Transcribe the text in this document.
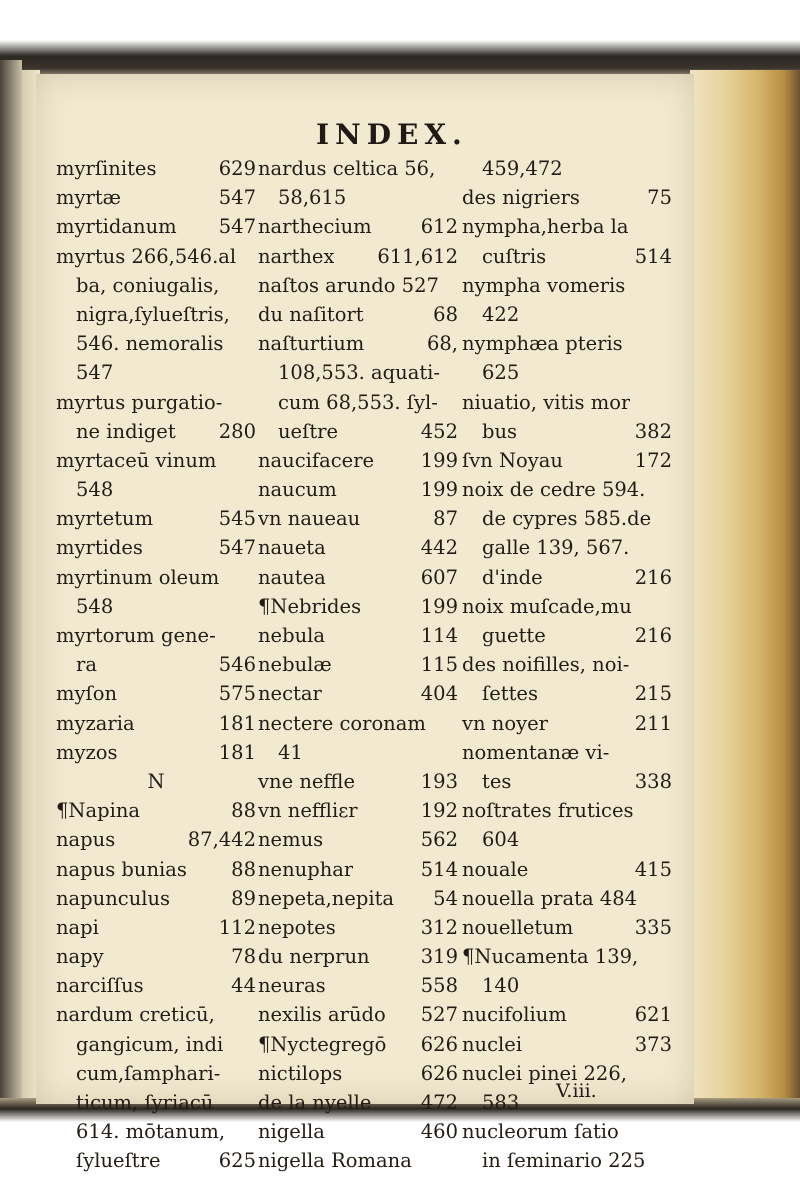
INDEX.
myrſinites	629
myrtæ	547
myrtidanum	547
myrtus 266,546.al
ba, coniugalis,
nigra,ſylueſtris,
546. nemoralis
547
myrtus purgatio-
ne indiget	280
myrtaceū vinum
548
myrtetum	545
myrtides	547
myrtinum oleum
548
myrtorum gene-
ra	546
myſon	575
myzaria	181
myzos	181
N
¶Napina	88
napus	87,442
napus bunias	88
napunculus	89
napi	112
napy	78
narciſſus	44
nardum creticū,
gangicum, indi
cum,ſamphari-
ticum, ſyriacū
614. mōtanum,
ſylueſtre	625
nardus celtica 56,
58,615
narthecium	612
narthex	611,612
naſtos arundo 527
du naſitort	68
naſturtium	68,
108,553. aquati-
cum 68,553. ſyl-
ueſtre	452
naucifacere	199
naucum	199
vn naueau	87
naueta	442
nautea	607
¶Nebrides	199
nebula	114
nebulæ	115
nectar	404
nectere coronam
41
vne neffle	193
vn neffliεr	192
nemus	562
nenuphar	514
nepeta,nepita	54
nepotes	312
du nerprun	319
neuras	558
nexilis arūdo	527
¶Nyctegregō	626
nictilops	626
de la nyelle	472
nigella	460
nigella Romana
459,472
des nigriers	75
nympha,herba la
cuſtris	514
nympha vomeris
422
nymphæa pteris
625
niuatio, vitis mor
bus	382
ſvn Noyau	172
noix de cedre 594.
de cypres 585.de
galle 139, 567.
d'inde	216
noix muſcade,mu
guette	216
des noifilles, noi-
ſettes	215
vn noyer	211
nomentanæ vi-
tes	338
noſtrates frutices
604
nouale	415
nouella prata 484
nouelletum	335
¶Nucamenta 139,
140
nucifolium	621
nuclei	373
nuclei pinei 226,
583
nucleorum ſatio
in ſeminario 225
V.iii.
